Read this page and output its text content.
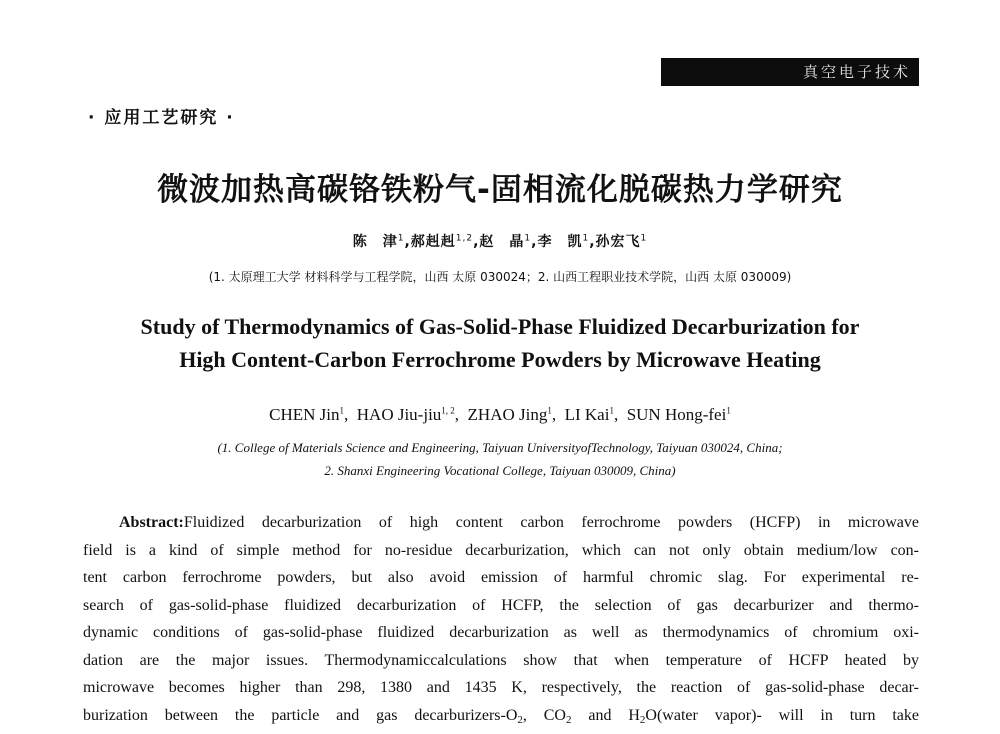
真空电子技术
· 应用工艺研究 ·
微波加热高碳铬铁粉气-固相流化脱碳热力学研究
陈　津$^1$,郝赳赳$^{1,2}$,赵　晶$^1$,李　凯$^1$,孙宏飞$^1$
(1. 太原理工大学 材料科学与工程学院，山西 太原 030024；2. 山西工程职业技术学院，山西 太原 030009)
Study of Thermodynamics of Gas-Solid-Phase Fluidized Decarburization for
High Content-Carbon Ferrochrome Powders by Microwave Heating
CHEN Jin$^1$,  HAO Jiu-jiu$^{1, 2}$,  ZHAO Jing$^1$,  LI Kai$^1$,  SUN Hong-fei$^1$
(1. College of Materials Science and Engineering, Taiyuan UniversityofTechnology, Taiyuan 030024, China;
2. Shanxi Engineering Vocational College, Taiyuan 030009, China)
Abstract:Fluidized decarburization of high content carbon ferrochrome powders (HCFP) in microwave
field is a kind of simple method for no-residue decarburization, which can not only obtain medium/low con-
tent carbon ferrochrome powders, but also avoid emission of harmful chromic slag. For experimental re-
search of gas-solid-phase fluidized decarburization of HCFP, the selection of gas decarburizer and thermo-
dynamic conditions of gas-solid-phase fluidized decarburization as well as thermodynamics of chromium oxi-
dation are the major issues. Thermodynamiccalculations show that when temperature of HCFP heated by
microwave becomes higher than 298, 1380 and 1435 K, respectively, the reaction of gas-solid-phase decar-
burization between the particle and gas decarburizers-$O_2$, $CO_2$ and $H_2O(water$ vapor)- will in turn take
